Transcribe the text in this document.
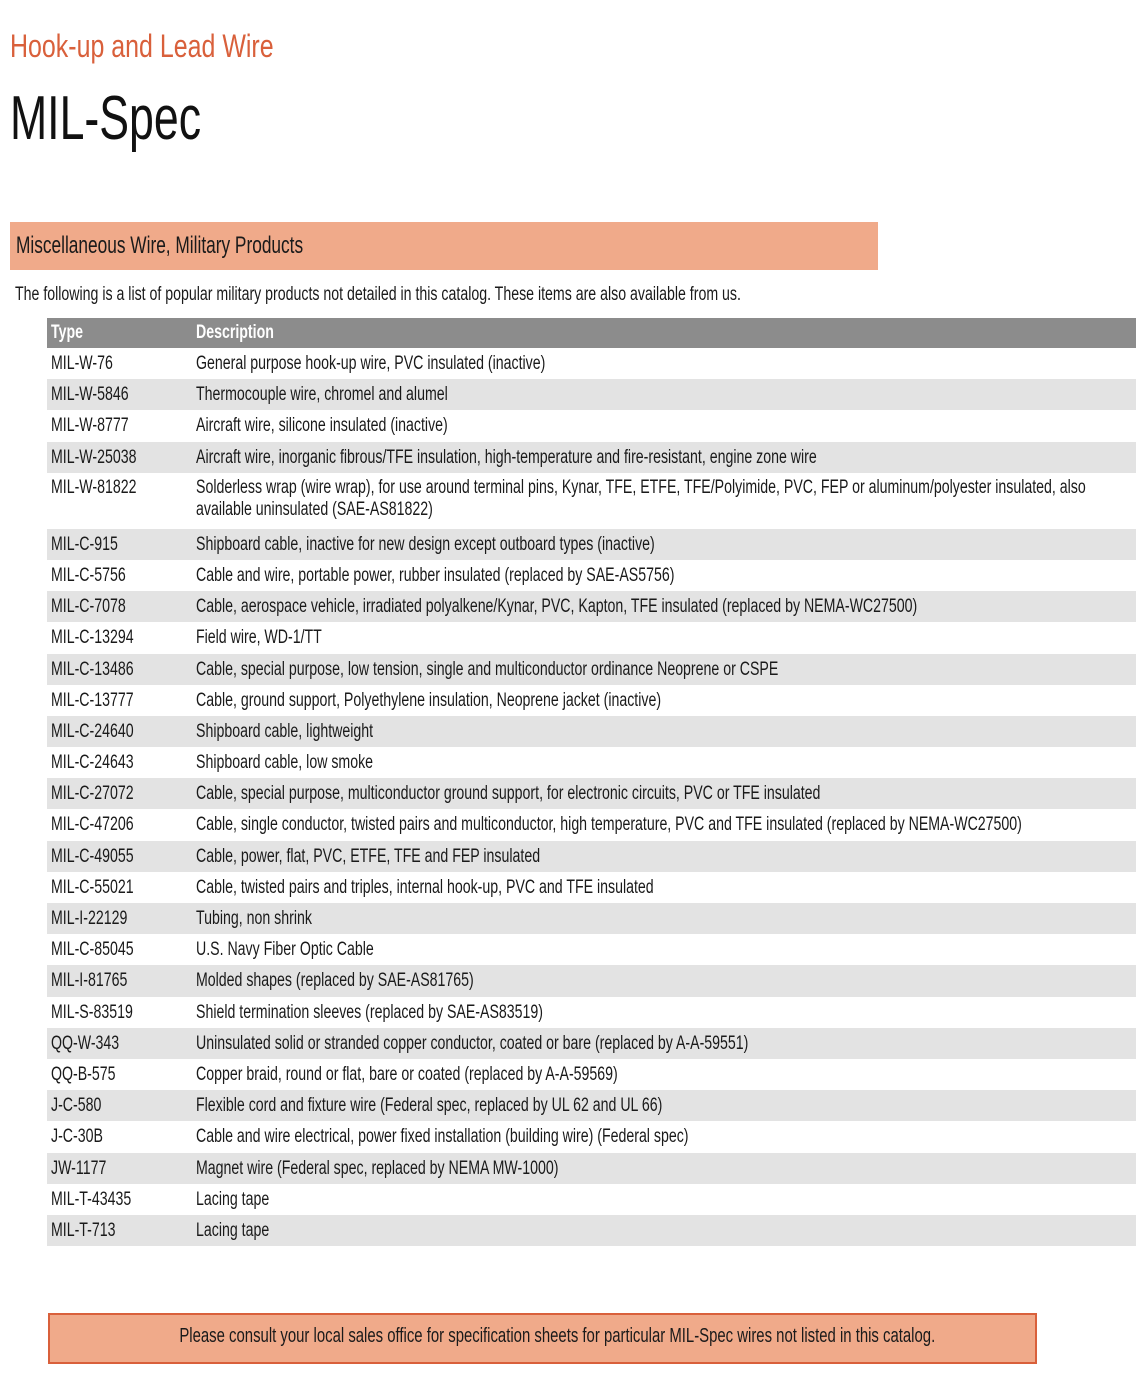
Hook-up and Lead Wire
MIL-Spec
Miscellaneous Wire, Military Products
The following is a list of popular military products not detailed in this catalog. These items are also available from us.
Type	Description
MIL-W-76	General purpose hook-up wire, PVC insulated (inactive)
MIL-W-5846	Thermocouple wire, chromel and alumel
MIL-W-8777	Aircraft wire, silicone insulated (inactive)
MIL-W-25038	Aircraft wire, inorganic fibrous/TFE insulation, high-temperature and fire-resistant, engine zone wire
MIL-W-81822	Solderless wrap (wire wrap), for use around terminal pins, Kynar, TFE, ETFE, TFE/Polyimide, PVC, FEP or aluminum/polyester insulated, also available uninsulated (SAE-AS81822)

MIL-C-915	Shipboard cable, inactive for new design except outboard types (inactive)
MIL-C-5756	Cable and wire, portable power, rubber insulated (replaced by SAE-AS5756)
MIL-C-7078	Cable, aerospace vehicle, irradiated polyalkene/Kynar, PVC, Kapton, TFE insulated (replaced by NEMA-WC27500)
MIL-C-13294	Field wire, WD-1/TT
MIL-C-13486	Cable, special purpose, low tension, single and multiconductor ordinance Neoprene or CSPE
MIL-C-13777	Cable, ground support, Polyethylene insulation, Neoprene jacket (inactive)
MIL-C-24640	Shipboard cable, lightweight
MIL-C-24643	Shipboard cable, low smoke
MIL-C-27072	Cable, special purpose, multiconductor ground support, for electronic circuits, PVC or TFE insulated
MIL-C-47206	Cable, single conductor, twisted pairs and multiconductor, high temperature, PVC and TFE insulated (replaced by NEMA-WC27500)
MIL-C-49055	Cable, power, flat, PVC, ETFE, TFE and FEP insulated
MIL-C-55021	Cable, twisted pairs and triples, internal hook-up, PVC and TFE insulated
MIL-I-22129	Tubing, non shrink
MIL-C-85045	U.S. Navy Fiber Optic Cable
MIL-I-81765	Molded shapes (replaced by SAE-AS81765)
MIL-S-83519	Shield termination sleeves (replaced by SAE-AS83519)
QQ-W-343	Uninsulated solid or stranded copper conductor, coated or bare (replaced by A-A-59551)
QQ-B-575	Copper braid, round or flat, bare or coated (replaced by A-A-59569)
J-C-580	Flexible cord and fixture wire (Federal spec, replaced by UL 62 and UL 66)
J-C-30B	Cable and wire electrical, power fixed installation (building wire) (Federal spec)
JW-1177	Magnet wire (Federal spec, replaced by NEMA MW-1000)
MIL-T-43435	Lacing tape
MIL-T-713	Lacing tape
Please consult your local sales office for specification sheets for particular MIL-Spec wires not listed in this catalog.
